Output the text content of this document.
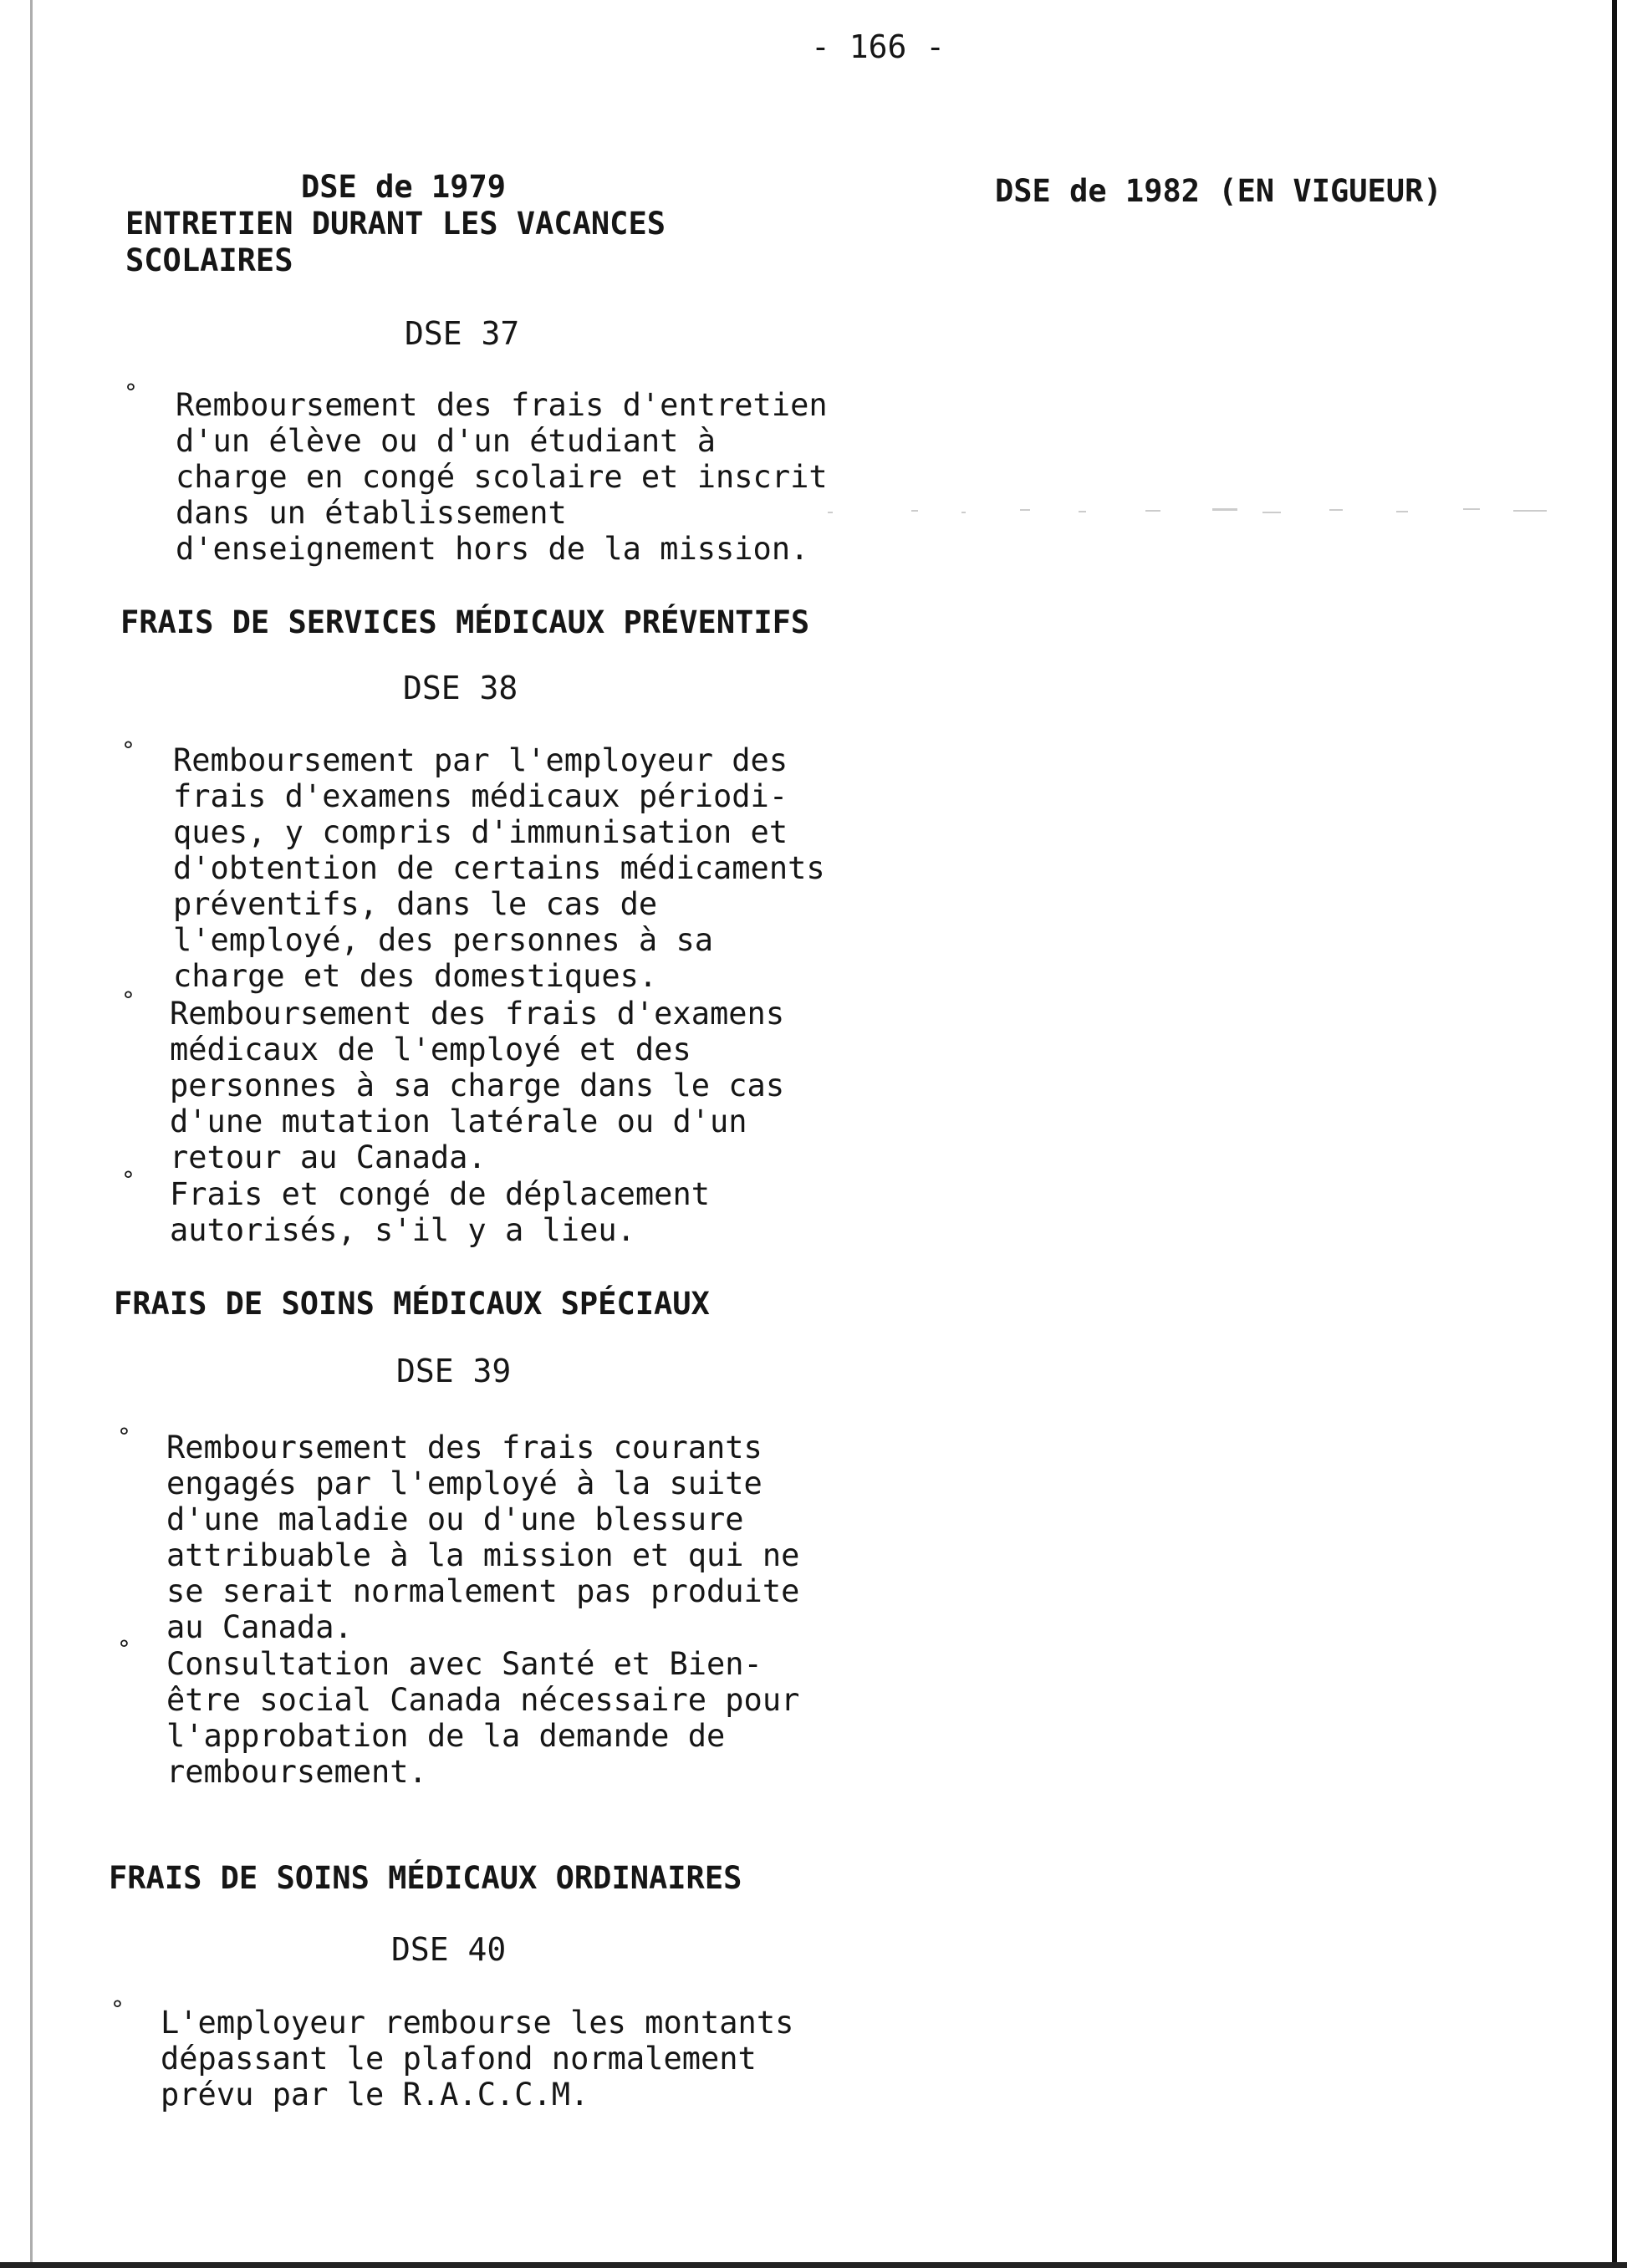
- 166 -
DSE de 1979
ENTRETIEN DURANT LES VACANCES
SCOLAIRES
DSE 37
° Remboursement des frais d'entretien
d'un élève ou d'un étudiant à
charge en congé scolaire et inscrit
dans un établissement
d'enseignement hors de la mission.
FRAIS DE SERVICES MÉDICAUX PRÉVENTIFS
DSE 38
° Remboursement par l'employeur des
frais d'examens médicaux périodi-
ques, y compris d'immunisation et
d'obtention de certains médicaments
préventifs, dans le cas de
l'employé, des personnes à sa
charge et des domestiques.
° Remboursement des frais d'examens
médicaux de l'employé et des
personnes à sa charge dans le cas
d'une mutation latérale ou d'un
retour au Canada.
° Frais et congé de déplacement
autorisés, s'il y a lieu.
FRAIS DE SOINS MÉDICAUX SPÉCIAUX
DSE 39
° Remboursement des frais courants
engagés par l'employé à la suite
d'une maladie ou d'une blessure
attribuable à la mission et qui ne
se serait normalement pas produite
au Canada.
° Consultation avec Santé et Bien-
être social Canada nécessaire pour
l'approbation de la demande de
remboursement.
FRAIS DE SOINS MÉDICAUX ORDINAIRES
DSE 40
° L'employeur rembourse les montants
dépassant le plafond normalement
prévu par le R.A.C.C.M.
DSE de 1982 (EN VIGUEUR)
